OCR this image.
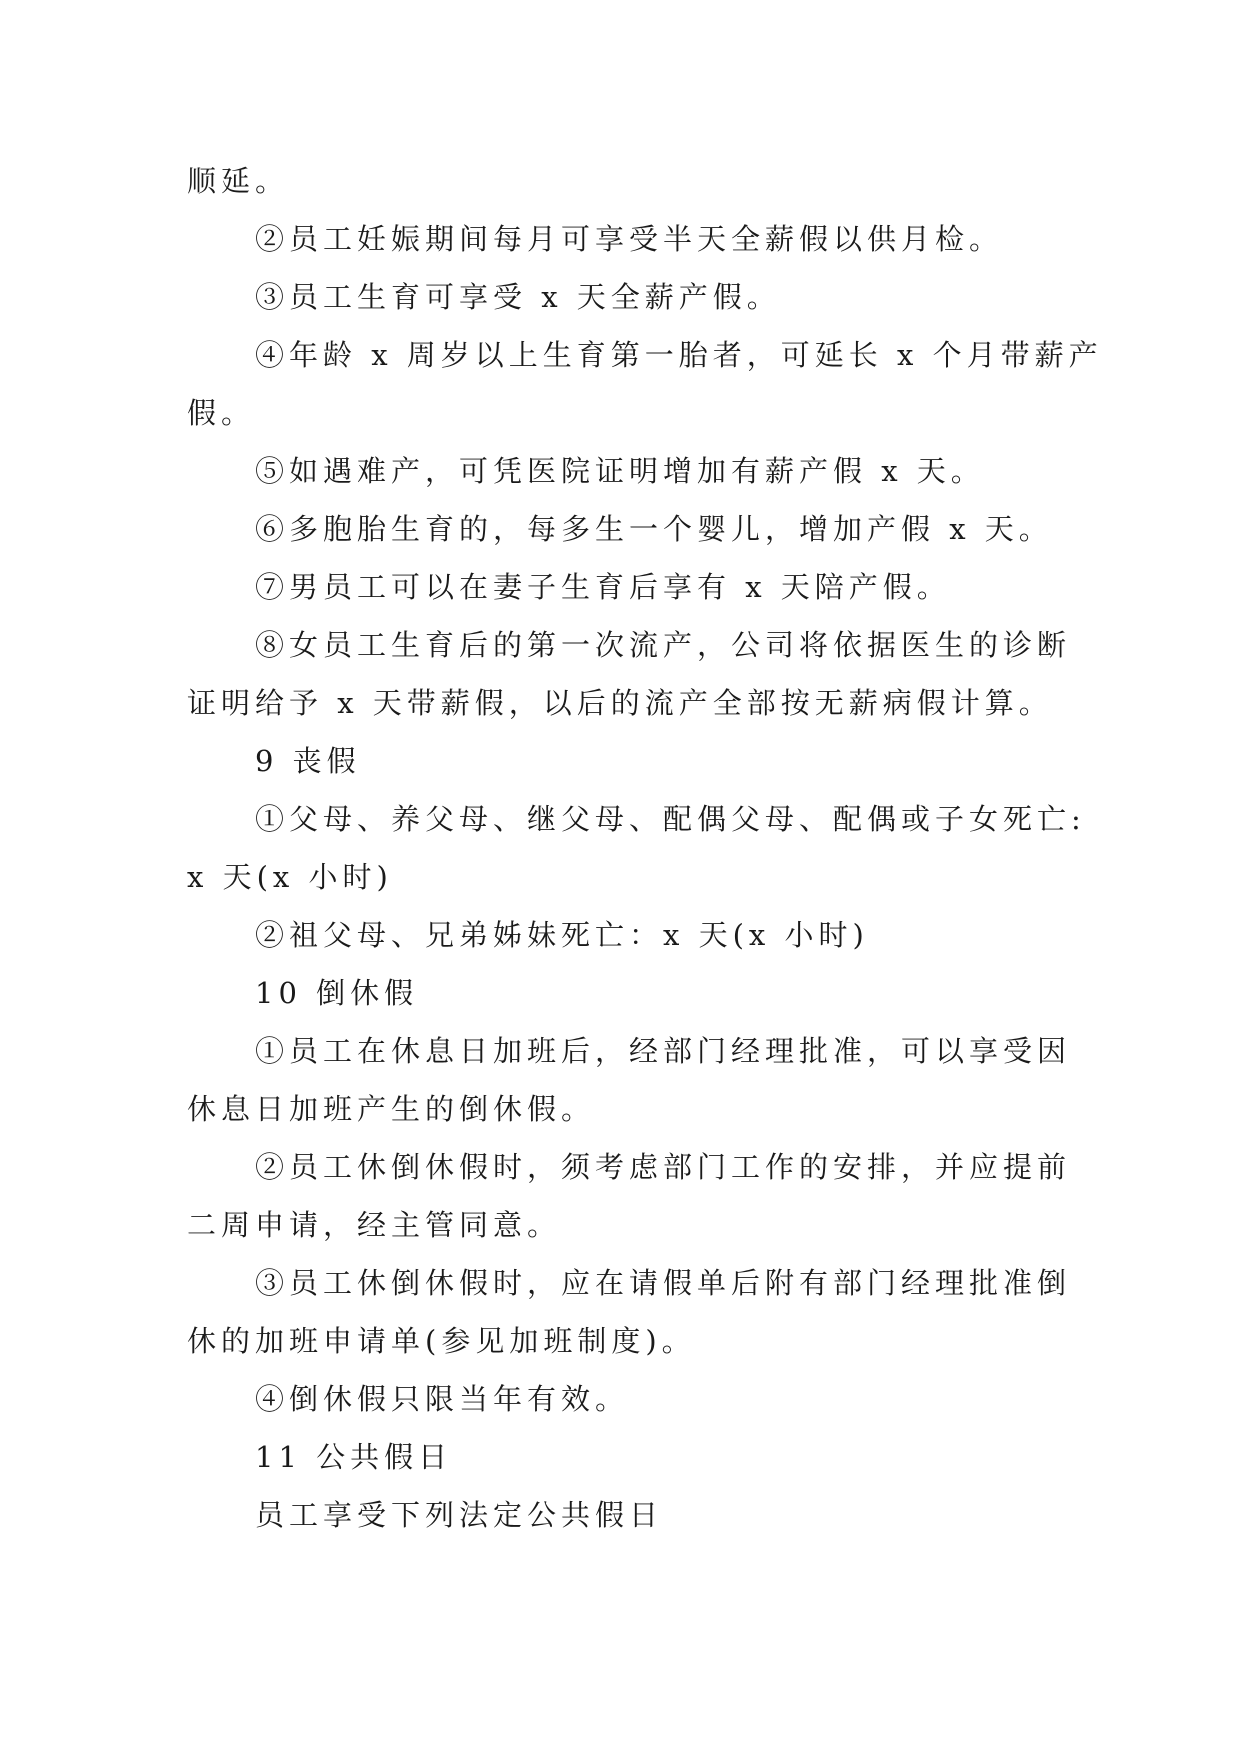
顺延。

②员工妊娠期间每月可享受半天全薪假以供月检。

③员工生育可享受 x 天全薪产假。

④年龄 x 周岁以上生育第一胎者，可延长 x 个月带薪产

假。

⑤如遇难产，可凭医院证明增加有薪产假 x 天。

⑥多胞胎生育的，每多生一个婴儿，增加产假 x 天。

⑦男员工可以在妻子生育后享有 x 天陪产假。

⑧女员工生育后的第一次流产，公司将依据医生的诊断

证明给予 x 天带薪假，以后的流产全部按无薪病假计算。

9 丧假

①父母、养父母、继父母、配偶父母、配偶或子女死亡:

x 天(x 小时)

②祖父母、兄弟姊妹死亡：x 天(x 小时)

10 倒休假

①员工在休息日加班后，经部门经理批准，可以享受因

休息日加班产生的倒休假。

②员工休倒休假时，须考虑部门工作的安排，并应提前

二周申请，经主管同意。

③员工休倒休假时，应在请假单后附有部门经理批准倒

休的加班申请单(参见加班制度)。

④倒休假只限当年有效。

11 公共假日

员工享受下列法定公共假日
